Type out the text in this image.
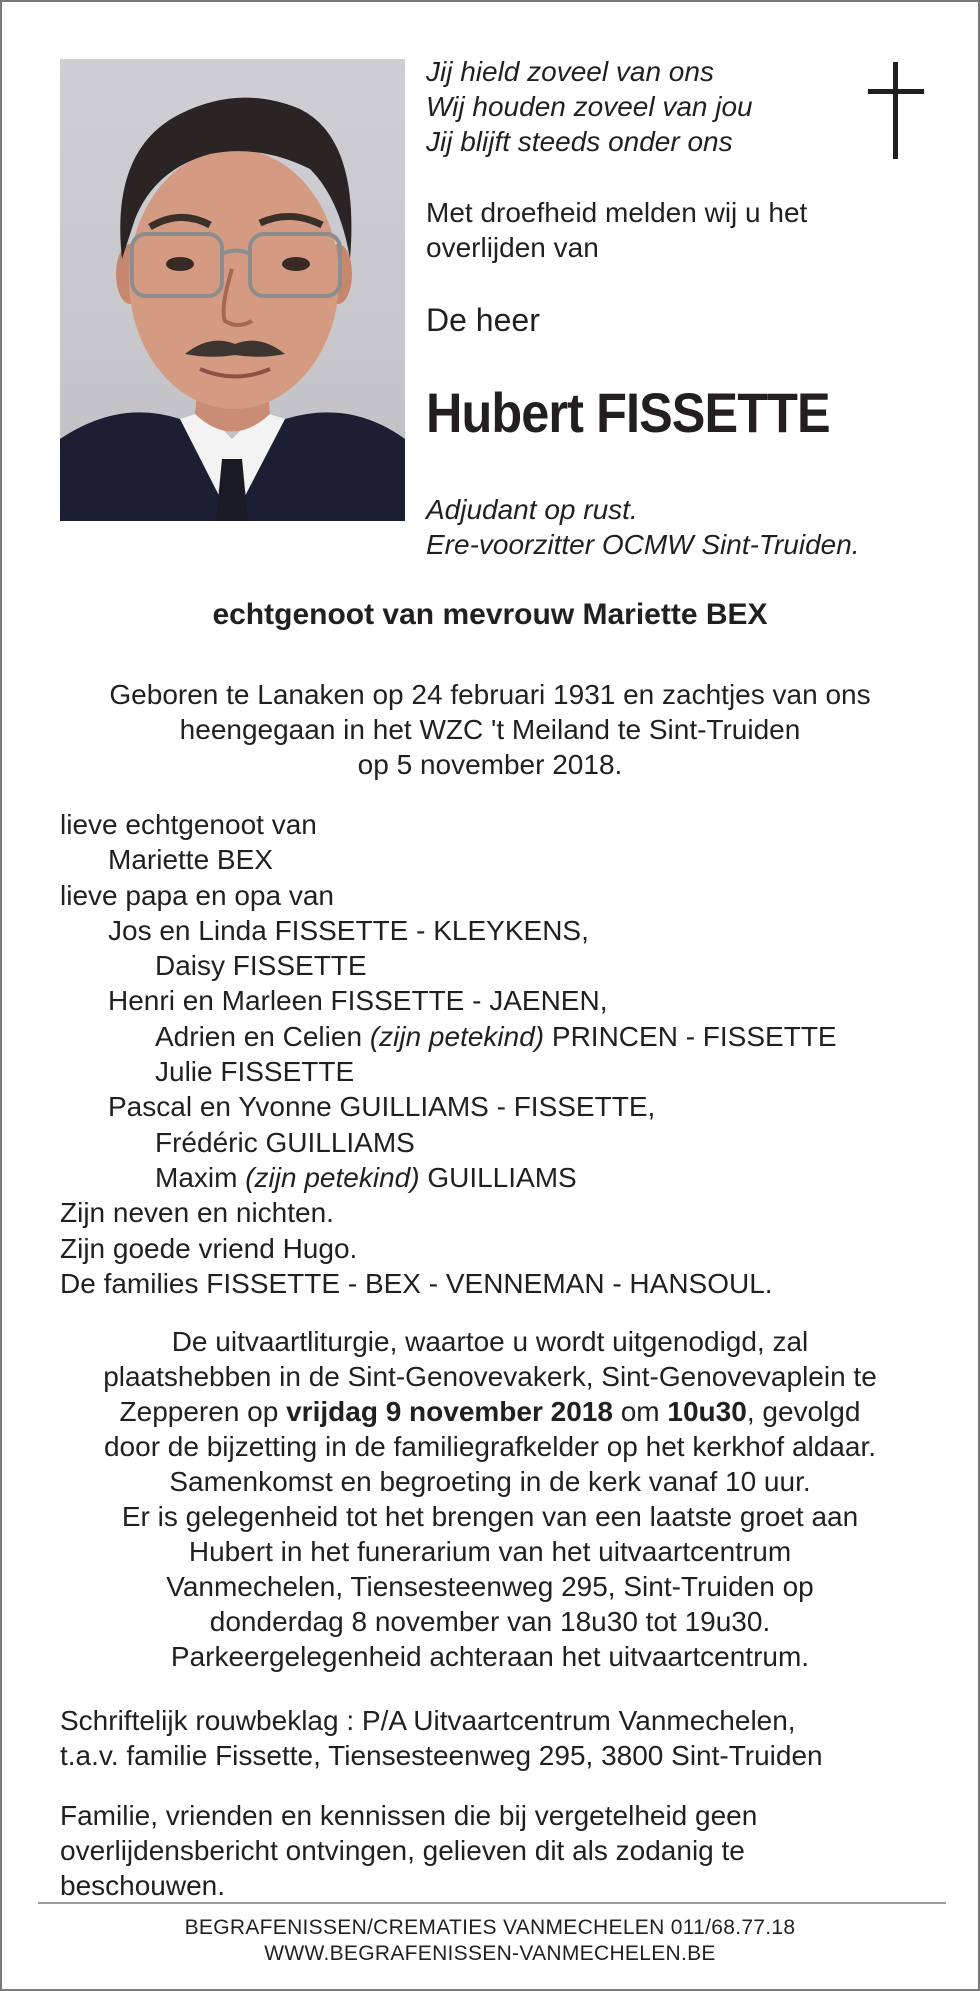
Jij hield zoveel van ons
Wij houden zoveel van jou
Jij blijft steeds onder ons
Met droefheid melden wij u het
overlijden van
De heer
Hubert FISSETTE
Adjudant op rust.
Ere-voorzitter OCMW Sint-Truiden.
echtgenoot van mevrouw Mariette BEX
Geboren te Lanaken op 24 februari 1931 en zachtjes van ons
heengegaan in het WZC 't Meiland te Sint-Truiden
op 5 november 2018.
lieve echtgenoot van
Mariette BEX
lieve papa en opa van
Jos en Linda FISSETTE - KLEYKENS,
Daisy FISSETTE
Henri en Marleen FISSETTE - JAENEN,
Adrien en Celien (zijn petekind) PRINCEN - FISSETTE
Julie FISSETTE
Pascal en Yvonne GUILLIAMS - FISSETTE,
Frédéric GUILLIAMS
Maxim (zijn petekind) GUILLIAMS
Zijn neven en nichten.
Zijn goede vriend Hugo.
De families FISSETTE - BEX - VENNEMAN - HANSOUL.
De uitvaartliturgie, waartoe u wordt uitgenodigd, zal
plaatshebben in de Sint-Genovevakerk, Sint-Genovevaplein te
Zepperen op vrijdag 9 november 2018 om 10u30, gevolgd
door de bijzetting in de familiegrafkelder op het kerkhof aldaar.
Samenkomst en begroeting in de kerk vanaf 10 uur.
Er is gelegenheid tot het brengen van een laatste groet aan
Hubert in het funerarium van het uitvaartcentrum
Vanmechelen, Tiensesteenweg 295, Sint-Truiden op
donderdag 8 november van 18u30 tot 19u30.
Parkeergelegenheid achteraan het uitvaartcentrum.
Schriftelijk rouwbeklag : P/A Uitvaartcentrum Vanmechelen,
t.a.v. familie Fissette, Tiensesteenweg 295, 3800 Sint-Truiden
Familie, vrienden en kennissen die bij vergetelheid geen
overlijdensbericht ontvingen, gelieven dit als zodanig te
beschouwen.
BEGRAFENISSEN/CREMATIES VANMECHELEN 011/68.77.18
WWW.BEGRAFENISSEN-VANMECHELEN.BE
